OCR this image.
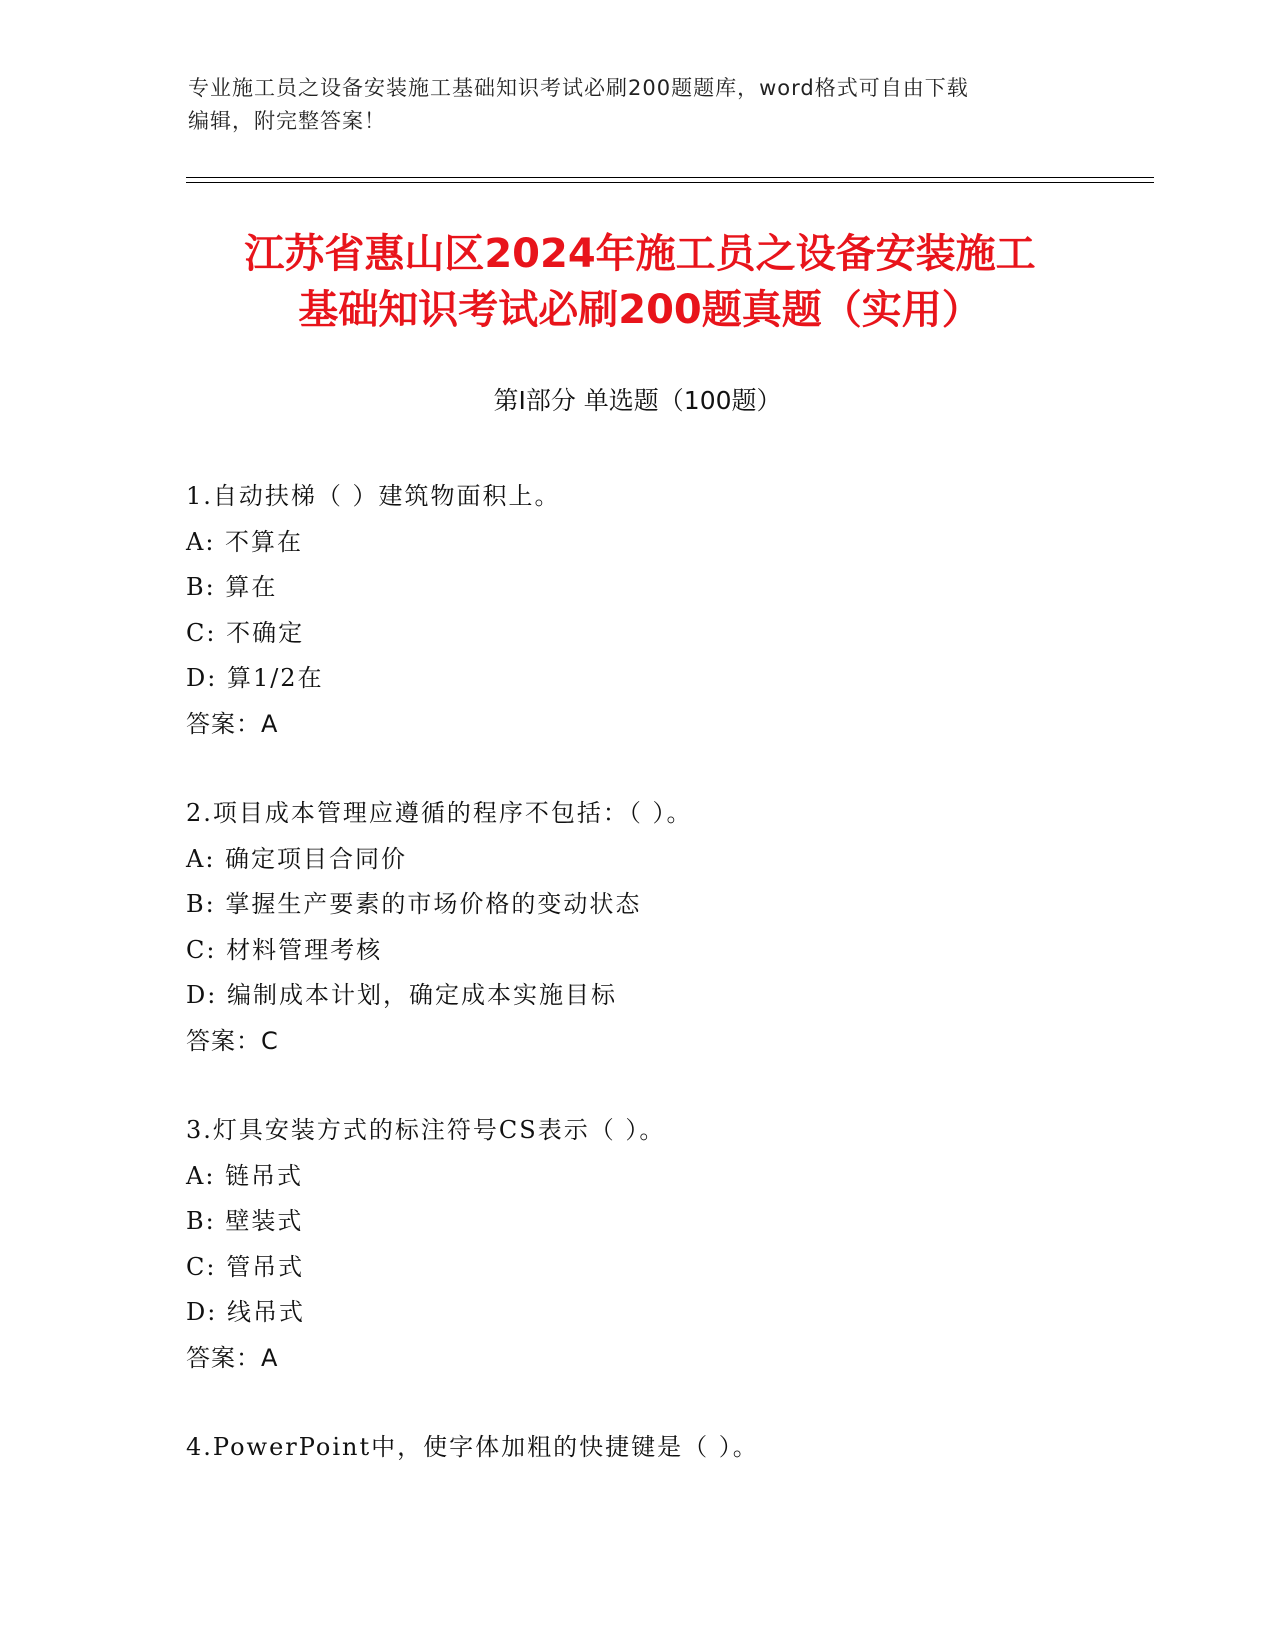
专业施工员之设备安装施工基础知识考试必刷200题题库，word格式可自由下载
编辑，附完整答案！
江苏省惠山区2024年施工员之设备安装施工
基础知识考试必刷200题真题（实用）
第Ⅰ部分 单选题（100题）
1.自动扶梯（ ）建筑物面积上。
A: 不算在
B: 算在
C: 不确定
D: 算1/2在
答案：A
2.项目成本管理应遵循的程序不包括：（ ）。
A: 确定项目合同价
B: 掌握生产要素的市场价格的变动状态
C: 材料管理考核
D: 编制成本计划，确定成本实施目标
答案：C
3.灯具安装方式的标注符号CS表示（ ）。
A: 链吊式
B: 壁装式
C: 管吊式
D: 线吊式
答案：A
4.PowerPoint中，使字体加粗的快捷键是（ ）。
